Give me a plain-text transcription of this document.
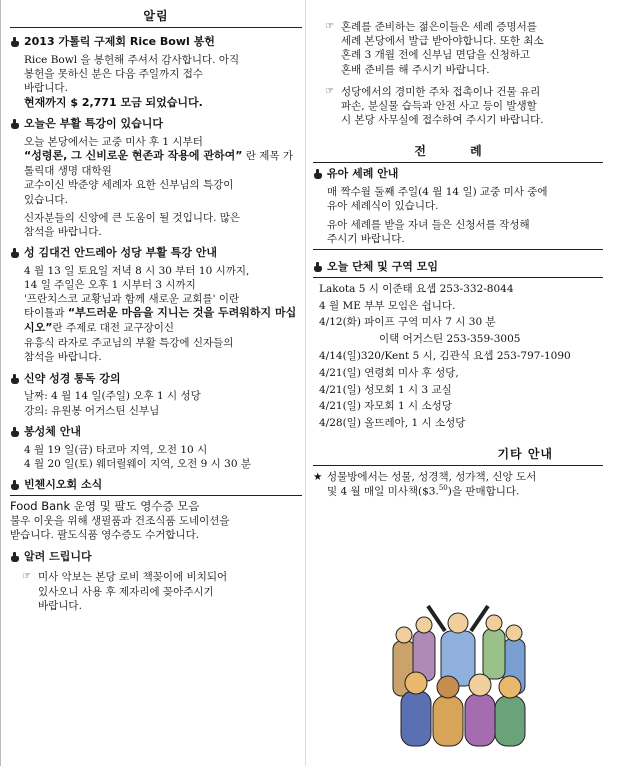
알림
2013 가톨릭 구제회 Rice Bowl 봉헌
Rice Bowl 을 봉헌해 주셔서 감사합니다. 아직
봉헌을 못하신 분은 다음 주일까지 접수
바랍니다.
현재까지 $ 2,771 모금 되었습니다.
오늘은 부활 특강이 있습니다
오늘 본당에서는 교중 미사 후 1 시부터
“성령론, 그 신비로운 현존과 작용에 관하여” 란 제목 가톨릭대 생명 대학원
교수이신 박준양 세례자 요한 신부님의 특강이

있습니다.

신자분들의 신앙에 큰 도움이 될 것입니다. 많은
참석을 바랍니다.
성 김대건 안드레아 성당 부활 특강 안내
4 월 13 일 토요일 저녁 8 시 30 부터 10 시까지,
14 일 주일은 오후 1 시부터 3 시까지
'프란치스코 교황님과 함께 새로운 교회를' 이란
타이틀과 “부드러운 마음을 지니는 것을 두려워하지 마십시오”란 주제로 대전 교구장이신
유흥식 라자로 주교님의 부활 특강에 신자들의
참석을 바랍니다.
신약 성경 통독 강의
날짜: 4 월 14 일(주일) 오후 1 시 성당
강의: 유원봉 어거스틴 신부님
봉성체 안내
4 월 19 일(금) 타코마 지역, 오전 10 시
4 월 20 일(토) 웨더릴웨이 지역, 오전 9 시 30 분
빈첸시오회 소식
Food Bank 운영 및 팔도 영수증 모음
불우 이웃을 위해 생필품과 건조식품 도네이션을
받습니다. 팔도식품 영수증도 수거합니다.
알려 드립니다
☞ 미사 악보는 본당 로비 책꽂이에 비치되어
있사오니 사용 후 제자리에 꽂아주시기
바랍니다.
☞ 혼례를 준비하는 젊은이들은 세례 증명서를
세례 본당에서 발급 받아야합니다. 또한 최소
혼례 3 개월 전에 신부님 면담을 신청하고
혼배 준비를 해 주시기 바랍니다.
☞ 성당에서의 경미한 주차 접촉이나 건물 유리
파손, 분실물 습득과 안전 사고 등이 발생할
시 본당 사무실에 접수하여 주시기 바랍니다.
전 례
유아 세례 안내
매 짝수월 둘째 주일(4 월 14 일) 교중 미사 중에

유아 세례식이 있습니다.

유아 세례를 받을 자녀 들은 신청서를 작성해
주시기 바랍니다.
오늘 단체 및 구역 모임
Lakota 5 시 이준태 요셉 253-332-8044
4 월 ME 부부 모임은 쉽니다.
4/12(화) 파이프 구역 미사 7 시 30 분
이택 어거스틴 253-359-3005
4/14(일)320/Kent 5 시, 김관식 요셉 253-797-1090
4/21(일) 연령회 미사 후 성당,
4/21(일) 성모회 1 시 3 교실
4/21(일) 자모회 1 시 소성당
4/28(일) 올뜨레아, 1 시 소성당
기타 안내
★ 성물방에서는 성물, 성경책, 성가책, 신앙 도서
및 4 월 매일 미사책($3.50)을 판매합니다.
